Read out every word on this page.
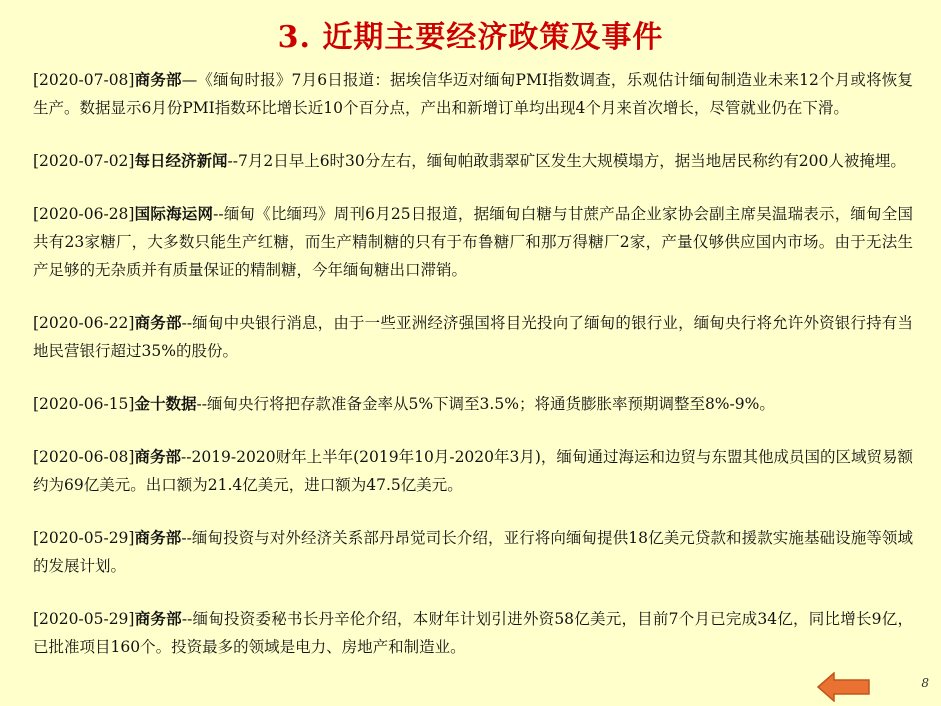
3. 近期主要经济政策及事件

[2020-07-08]商务部—《缅甸时报》7月6日报道：据埃信华迈对缅甸PMI指数调查，乐观估计缅甸制造业未来12个月或将恢复生产。数据显示6月份PMI指数环比增长近10个百分点，产出和新增订单均出现4个月来首次增长，尽管就业仍在下滑。

[2020-07-02]每日经济新闻--7月2日早上6时30分左右，缅甸帕敢翡翠矿区发生大规模塌方，据当地居民称约有200人被掩埋。

[2020-06-28]国际海运网--缅甸《比缅玛》周刊6月25日报道，据缅甸白糖与甘蔗产品企业家协会副主席吴温瑞表示，缅甸全国共有23家糖厂，大多数只能生产红糖，而生产精制糖的只有于布鲁糖厂和那万得糖厂2家，产量仅够供应国内市场。由于无法生产足够的无杂质并有质量保证的精制糖，今年缅甸糖出口滞销。

[2020-06-22]商务部--缅甸中央银行消息，由于一些亚洲经济强国将目光投向了缅甸的银行业，缅甸央行将允许外资银行持有当地民营银行超过35%的股份。

[2020-06-15]金十数据--缅甸央行将把存款准备金率从5%下调至3.5%；将通货膨胀率预期调整至8%-9%。

[2020-06-08]商务部--2019-2020财年上半年(2019年10月-2020年3月)，缅甸通过海运和边贸与东盟其他成员国的区域贸易额约为69亿美元。出口额为21.4亿美元，进口额为47.5亿美元。

[2020-05-29]商务部--缅甸投资与对外经济关系部丹昂觉司长介绍，亚行将向缅甸提供18亿美元贷款和援款实施基础设施等领域的发展计划。

[2020-05-29]商务部--缅甸投资委秘书长丹辛伦介绍，本财年计划引进外资58亿美元，目前7个月已完成34亿，同比增长9亿，已批准项目160个。投资最多的领域是电力、房地产和制造业。

8
